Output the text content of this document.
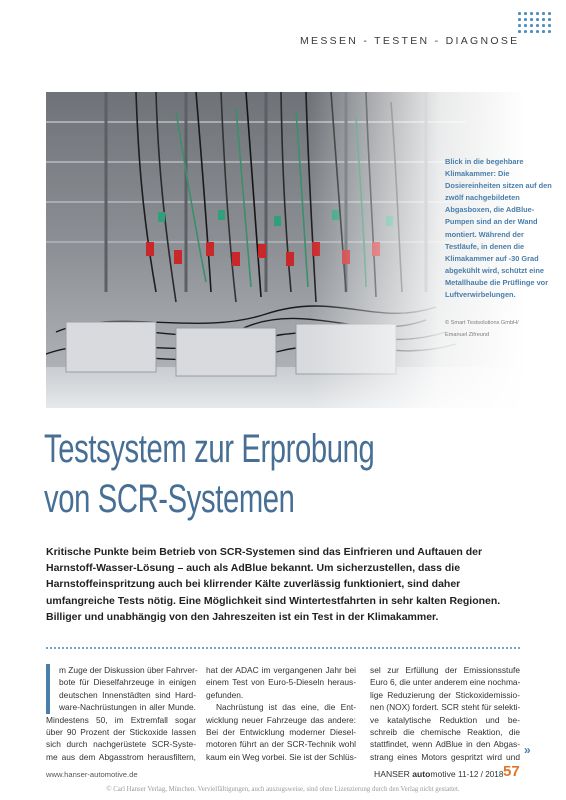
MESSEN - TESTEN - DIAGNOSE
Blick in die begehbare Klimakammer: Die Dosiereinheiten sitzen auf den zwölf nachgebildeten Abgasboxen, die AdBlue-Pumpen sind an der Wand montiert. Während der Testläufe, in denen die Klimakammer auf -30 Grad abgekühlt wird, schützt eine Metallhaube die Prüflinge vor Luftverwirbelungen.
© Smart Testsolutions GmbH/
Emanuel Zifreund
Testsystem zur Erprobung
von SCR-Systemen
Kritische Punkte beim Betrieb von SCR-Systemen sind das Einfrieren und Auftauen der Harnstoff-Wasser-Lösung – auch als AdBlue bekannt. Um sicherzustellen, dass die Harnstoffeinspritzung auch bei klirrender Kälte zuverlässig funktioniert, sind daher umfangreiche Tests nötig. Eine Möglichkeit sind Wintertestfahrten in sehr kalten Regionen. Billiger und unabhängig von den Jahreszeiten ist ein Test in der Klimakammer.
m Zuge der Diskussion über Fahrver-
bote für Dieselfahrzeuge in einigen
deutschen Innenstädten sind Hard-
ware-Nachrüstungen in aller Munde.
Mindestens 50, im Extremfall sogar
über 90 Prozent der Stickoxide lassen
sich durch nachgerüstete SCR-Syste-
me aus dem Abgasstrom herausfiltern,
hat der ADAC im vergangenen Jahr bei
einem Test von Euro-5-Dieseln heraus-
gefunden.
Nachrüstung ist das eine, die Ent-
wicklung neuer Fahrzeuge das andere:
Bei der Entwicklung moderner Diesel-
motoren führt an der SCR-Technik wohl
kaum ein Weg vorbei. Sie ist der Schlüs-
sel zur Erfüllung der Emissionsstufe
Euro 6, die unter anderem eine nochma-
lige Reduzierung der Stickoxidemissio-
nen (NOX) fordert. SCR steht für selekti-
ve katalytische Reduktion und be-
schreib die chemische Reaktion, die
stattfindet, wenn AdBlue in den Abgas-
strang eines Motors gespritzt wird und »
www.hanser-automotive.de	HANSER automotive 11-12 / 2018 57
© Carl Hanser Verlag, München. Vervielfältigungen, auch auszugsweise, sind ohne Lizenzierung durch den Verlag nicht gestattet.
